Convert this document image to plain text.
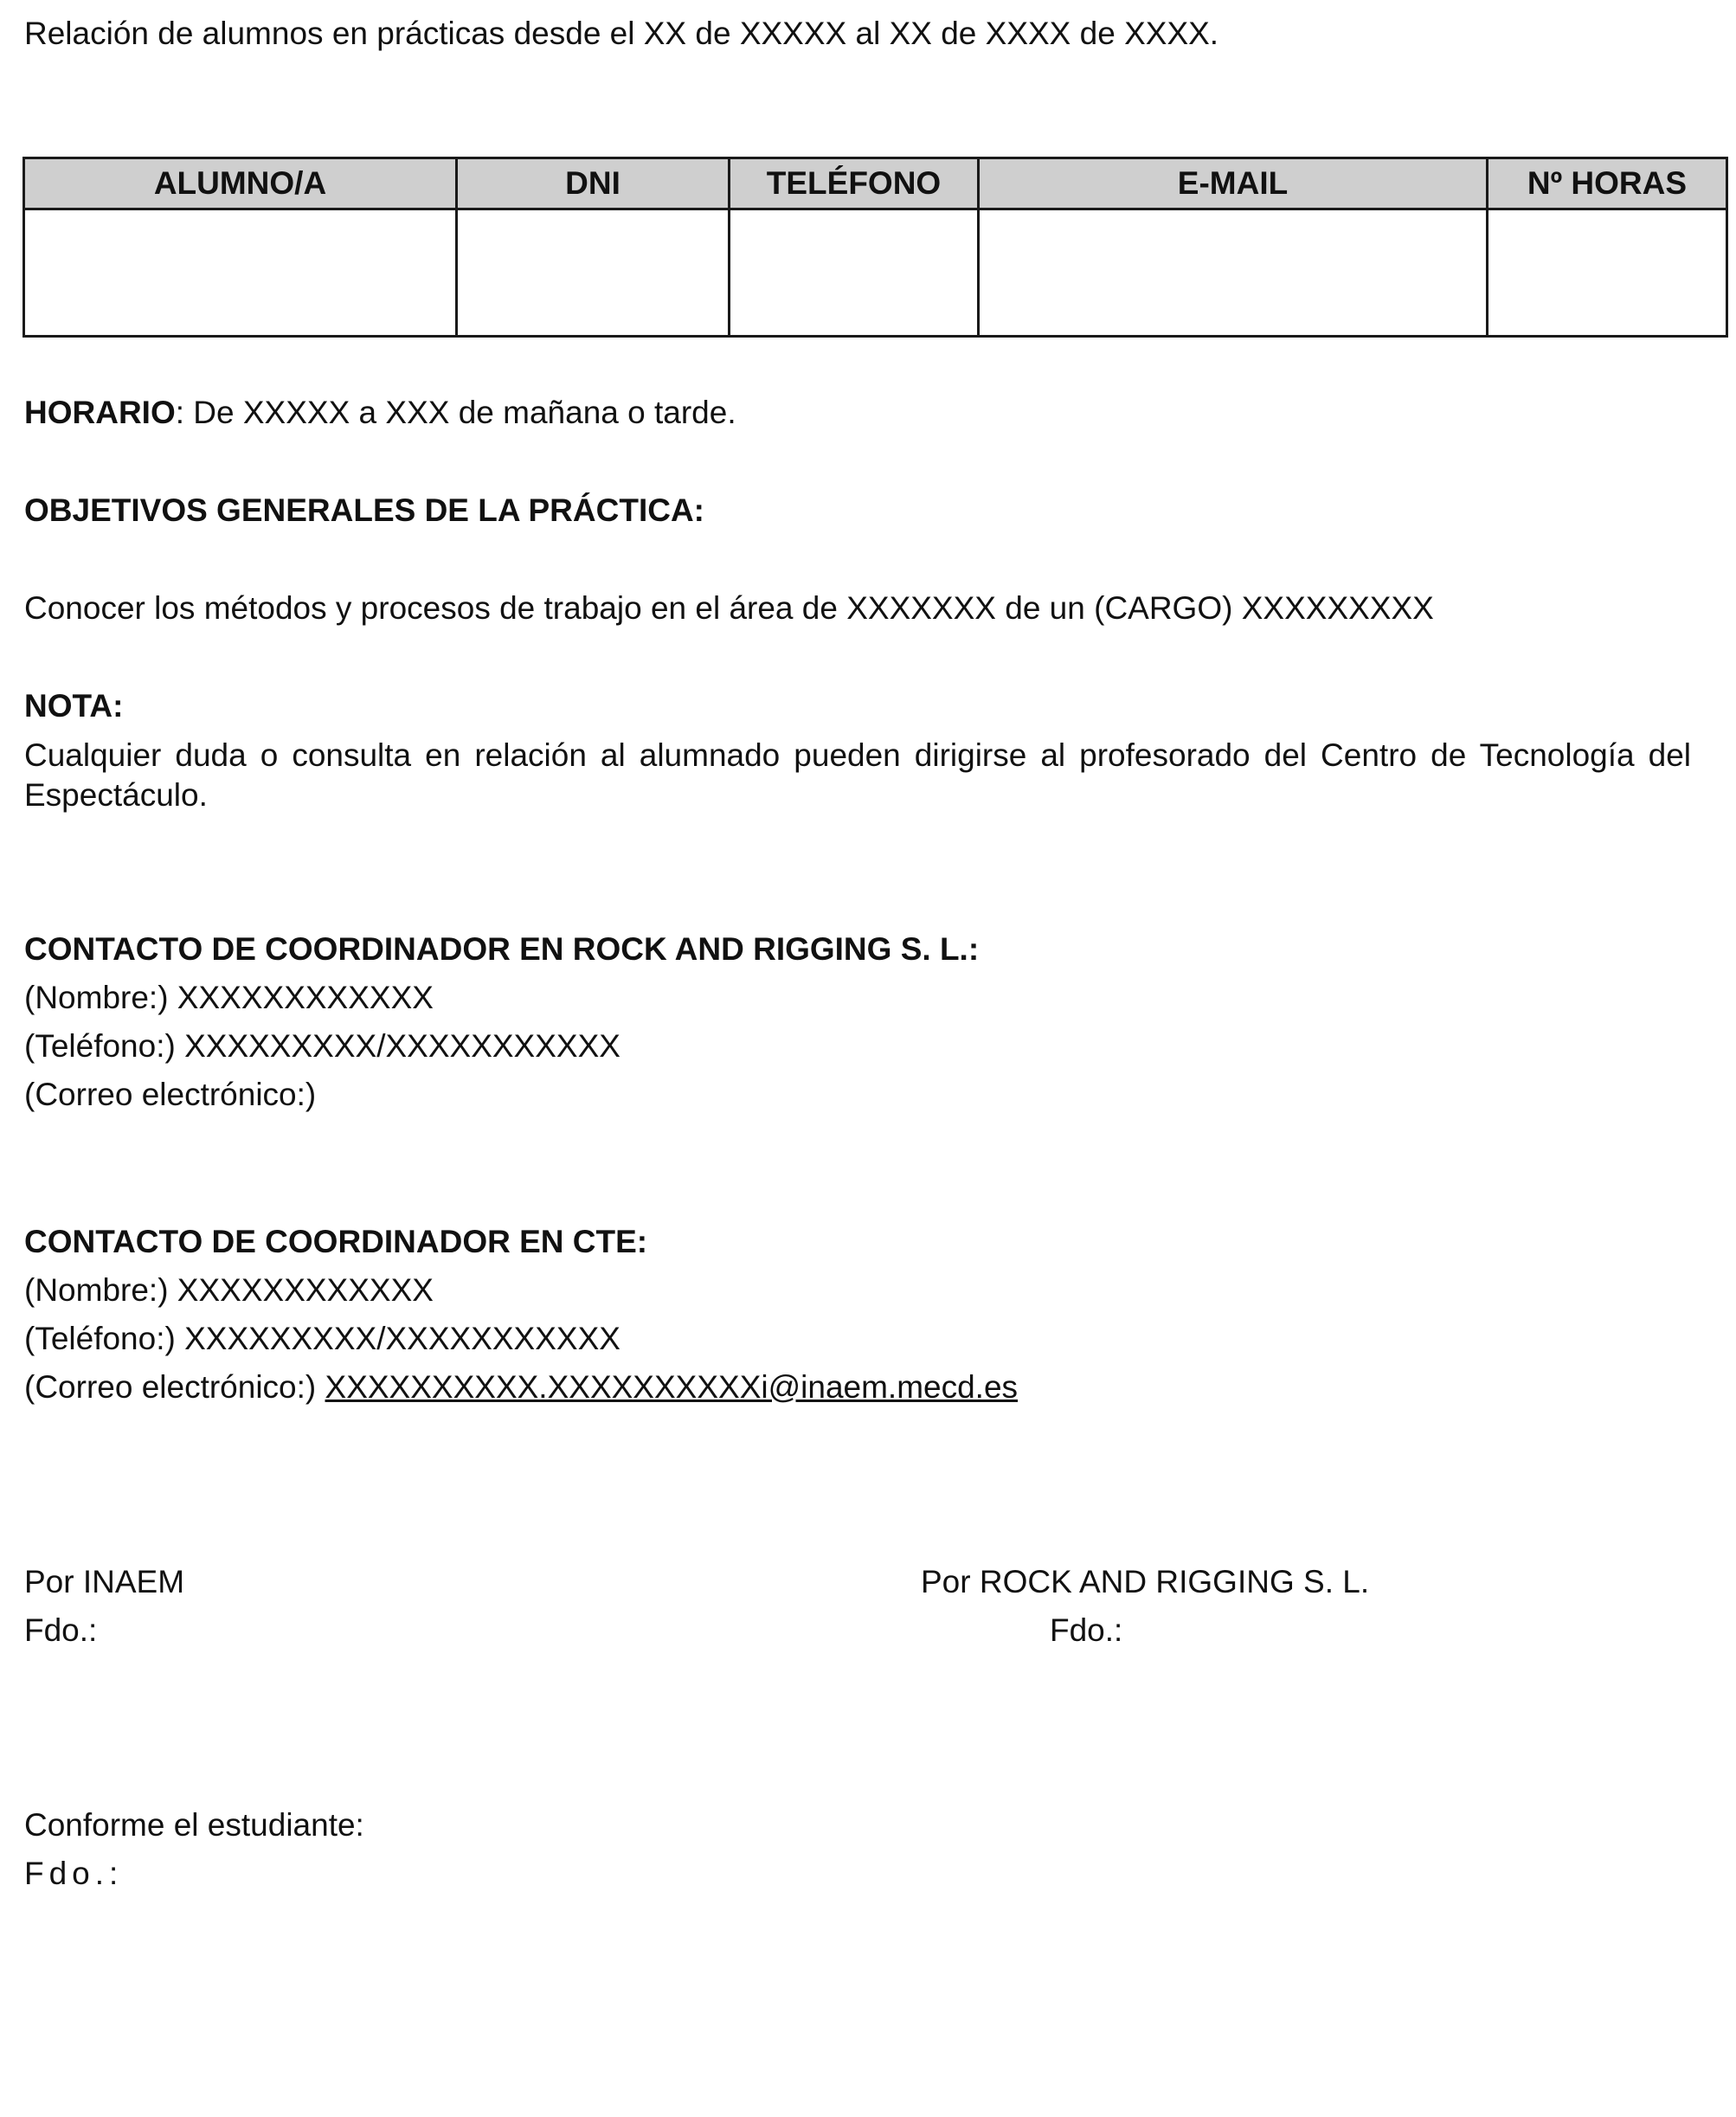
Relación de alumnos en prácticas desde el XX de XXXXX al XX de XXXX de XXXX.
ALUMNO/A	DNI	TELÉFONO	E-MAIL	Nº HORAS

HORARIO: De XXXXX a XXX de mañana o tarde.
OBJETIVOS GENERALES DE LA PRÁCTICA:
Conocer los métodos y procesos de trabajo en el área de XXXXXXX de un (CARGO) XXXXXXXXX
NOTA:
Cualquier duda o consulta en relación al alumnado pueden dirigirse al profesorado del Centro de Tecnología del Espectáculo.
CONTACTO DE COORDINADOR EN ROCK AND RIGGING S. L.:
(Nombre:) XXXXXXXXXXXX
(Teléfono:) XXXXXXXXX/XXXXXXXXXXX
(Correo electrónico:)
CONTACTO DE COORDINADOR EN CTE:
(Nombre:) XXXXXXXXXXXX
(Teléfono:) XXXXXXXXX/XXXXXXXXXXX
(Correo electrónico:) XXXXXXXXXX.XXXXXXXXXXi@inaem.mecd.es
Por INAEM
Fdo.:
Por ROCK AND RIGGING S. L.
Fdo.:
Conforme el estudiante:
Fdo.:
